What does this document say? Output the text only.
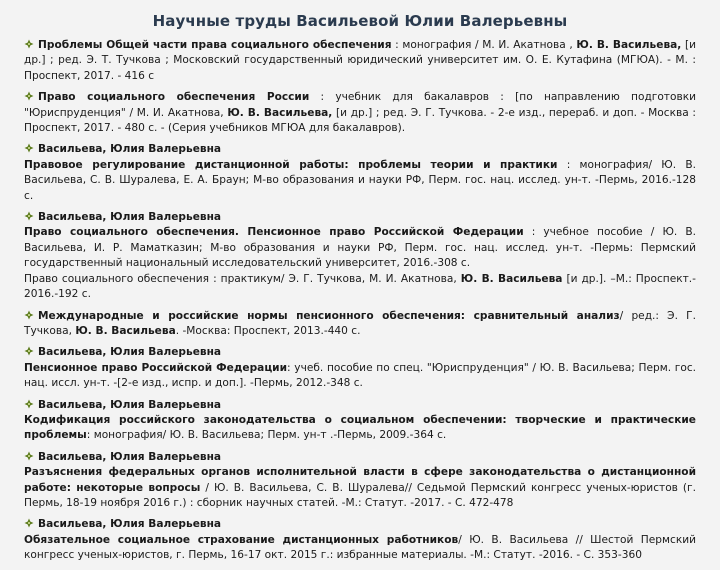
Научные труды Васильевой Юлии Валерьевны
Проблемы Общей части права социального обеспечения : монография / М. И. Акатнова , Ю. В. Васильева, [и др.] ; ред. Э. Т. Тучкова ; Московский государственный юридический университет им. О. Е. Кутафина (МГЮА). - М. : Проспект, 2017. - 416 с
Право социального обеспечения России : учебник для бакалавров : [по направлению подготовки "Юриспруденция" / М. И. Акатнова, Ю. В. Васильева, [и др.] ; ред. Э. Г. Тучкова. - 2-е изд., перераб. и доп. - Москва : Проспект, 2017. - 480 с. - (Серия учебников МГЮА для бакалавров).
Васильева, Юлия Валерьевна
Правовое регулирование дистанционной работы: проблемы теории и практики : монография/ Ю. В. Васильева, С. В. Шуралева, Е. А. Браун; М-во образования и науки РФ, Перм. гос. нац. исслед. ун-т. -Пермь, 2016.-128 с.
Васильева, Юлия Валерьевна
Право социального обеспечения. Пенсионное право Российской Федерации : учебное пособие / Ю. В. Васильева, И. Р. Маматказин; М-во образования и науки РФ, Перм. гос. нац. исслед. ун-т. -Пермь: Пермский государственный национальный исследовательский университет, 2016.-308 с.
Право социального обеспечения : практикум/ Э. Г. Тучкова, М. И. Акатнова, Ю. В. Васильева [и др.]. –М.: Проспект.- 2016.-192 с.
Международные и российские нормы пенсионного обеспечения: сравнительный анализ/ ред.: Э. Г. Тучкова, Ю. В. Васильева. -Москва: Проспект, 2013.-440 с.
Васильева, Юлия Валерьевна
Пенсионное право Российской Федерации: учеб. пособие по спец. "Юриспруденция" / Ю. В. Васильева; Перм. гос. нац. иссл. ун-т. -[2-е изд., испр. и доп.]. -Пермь, 2012.-348 с.
Васильева, Юлия Валерьевна
Кодификация российского законодательства о социальном обеспечении: творческие и практические проблемы: монография/ Ю. В. Васильева; Перм. ун-т .-Пермь, 2009.-364 с.
Васильева, Юлия Валерьевна
Разъяснения федеральных органов исполнительной власти в сфере законодательства о дистанционной работе: некоторые вопросы / Ю. В. Васильева, С. В. Шуралева// Седьмой Пермский конгресс ученых-юристов (г. Пермь, 18-19 ноября 2016 г.) : сборник научных статей. -М.: Статут. -2017. - С. 472-478
Васильева, Юлия Валерьевна
Обязательное социальное страхование дистанционных работников/ Ю. В. Васильева // Шестой Пермский конгресс ученых-юристов, г. Пермь, 16-17 окт. 2015 г.: избранные материалы. -М.: Статут. -2016. - С. 353-360
